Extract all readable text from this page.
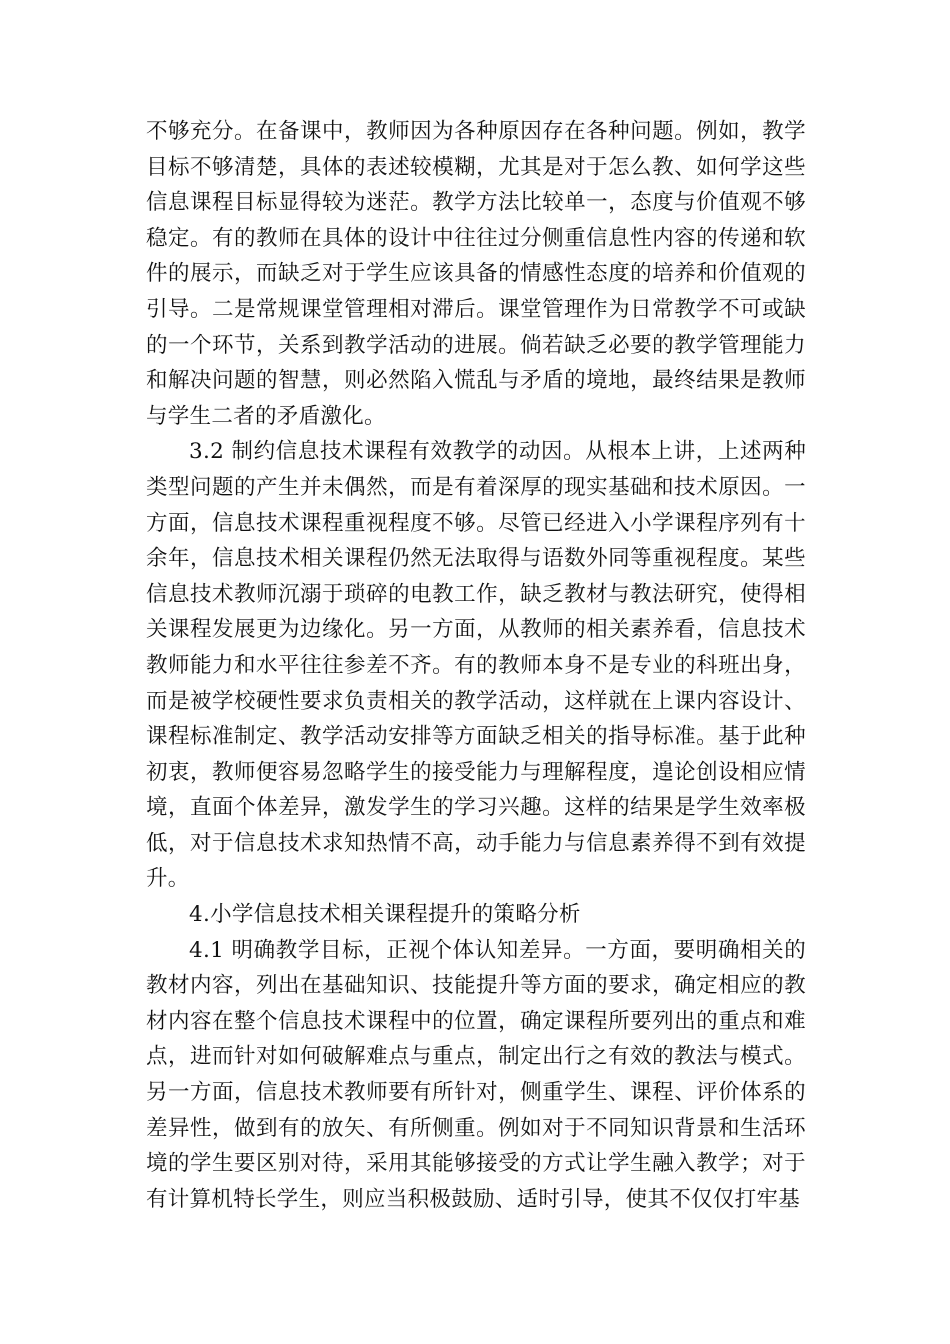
不够充分。在备课中，教师因为各种原因存在各种问题。例如，教学目标不够清楚，具体的表述较模糊，尤其是对于怎么教、如何学这些信息课程目标显得较为迷茫。教学方法比较单一，态度与价值观不够稳定。有的教师在具体的设计中往往过分侧重信息性内容的传递和软件的展示，而缺乏对于学生应该具备的情感性态度的培养和价值观的引导。二是常规课堂管理相对滞后。课堂管理作为日常教学不可或缺的一个环节，关系到教学活动的进展。倘若缺乏必要的教学管理能力和解决问题的智慧，则必然陷入慌乱与矛盾的境地，最终结果是教师与学生二者的矛盾激化。

3.2 制约信息技术课程有效教学的动因。从根本上讲，上述两种类型问题的产生并未偶然，而是有着深厚的现实基础和技术原因。一方面，信息技术课程重视程度不够。尽管已经进入小学课程序列有十余年，信息技术相关课程仍然无法取得与语数外同等重视程度。某些信息技术教师沉溺于琐碎的电教工作，缺乏教材与教法研究，使得相关课程发展更为边缘化。另一方面，从教师的相关素养看，信息技术教师能力和水平往往参差不齐。有的教师本身不是专业的科班出身，而是被学校硬性要求负责相关的教学活动，这样就在上课内容设计、课程标准制定、教学活动安排等方面缺乏相关的指导标准。基于此种初衷，教师便容易忽略学生的接受能力与理解程度，遑论创设相应情境，直面个体差异，激发学生的学习兴趣。这样的结果是学生效率极低，对于信息技术求知热情不高，动手能力与信息素养得不到有效提升。

4.小学信息技术相关课程提升的策略分析

4.1 明确教学目标，正视个体认知差异。一方面，要明确相关的教材内容，列出在基础知识、技能提升等方面的要求，确定相应的教材内容在整个信息技术课程中的位置，确定课程所要列出的重点和难点，进而针对如何破解难点与重点，制定出行之有效的教法与模式。另一方面，信息技术教师要有所针对，侧重学生、课程、评价体系的差异性，做到有的放矢、有所侧重。例如对于不同知识背景和生活环境的学生要区别对待，采用其能够接受的方式让学生融入教学；对于有计算机特长学生，则应当积极鼓励、适时引导，使其不仅仅打牢基
